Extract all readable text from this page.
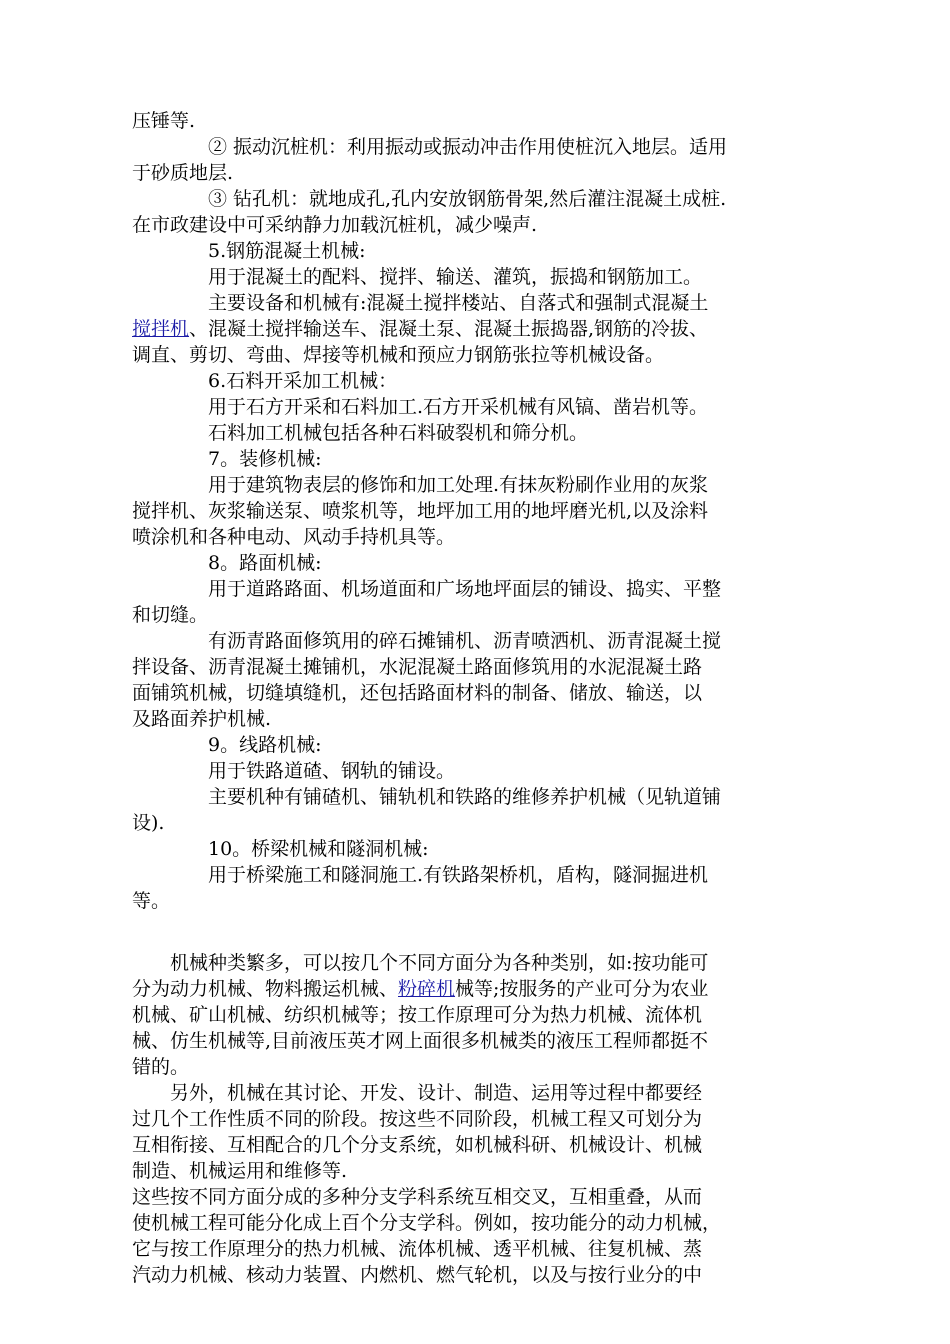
压锤等.
② 振动沉桩机：利用振动或振动冲击作用使桩沉入地层。适用
于砂质地层.
③ 钻孔机：就地成孔,孔内安放钢筋骨架,然后灌注混凝土成桩.
在市政建设中可采纳静力加载沉桩机，减少噪声.
5.钢筋混凝土机械:
用于混凝土的配料、搅拌、输送、灌筑，振捣和钢筋加工。
主要设备和机械有:混凝土搅拌楼站、自落式和强制式混凝土
搅拌机、混凝土搅拌输送车、混凝土泵、混凝土振捣器,钢筋的冷拔、
调直、剪切、弯曲、焊接等机械和预应力钢筋张拉等机械设备。
6.石料开采加工机械：
用于石方开采和石料加工.石方开采机械有风镐、凿岩机等。
石料加工机械包括各种石料破裂机和筛分机。
7。装修机械:
用于建筑物表层的修饰和加工处理.有抹灰粉刷作业用的灰浆
搅拌机、灰浆输送泵、喷浆机等，地坪加工用的地坪磨光机,以及涂料
喷涂机和各种电动、风动手持机具等。
8。路面机械:
用于道路路面、机场道面和广场地坪面层的铺设、捣实、平整
和切缝。
有沥青路面修筑用的碎石摊铺机、沥青喷洒机、沥青混凝土搅
拌设备、沥青混凝土摊铺机，水泥混凝土路面修筑用的水泥混凝土路
面铺筑机械，切缝填缝机，还包括路面材料的制备、储放、输送，以
及路面养护机械.
9。线路机械:
用于铁路道碴、钢轨的铺设。
主要机种有铺碴机、铺轨机和铁路的维修养护机械（见轨道铺
设).
10。桥梁机械和隧洞机械:
用于桥梁施工和隧洞施工.有铁路架桥机，盾构，隧洞掘进机
等。
机械种类繁多，可以按几个不同方面分为各种类别，如:按功能可
分为动力机械、物料搬运机械、粉碎机械等;按服务的产业可分为农业
机械、矿山机械、纺织机械等；按工作原理可分为热力机械、流体机
械、仿生机械等,目前液压英才网上面很多机械类的液压工程师都挺不
错的。
另外，机械在其讨论、开发、设计、制造、运用等过程中都要经
过几个工作性质不同的阶段。按这些不同阶段，机械工程又可划分为
互相衔接、互相配合的几个分支系统，如机械科研、机械设计、机械
制造、机械运用和维修等.
这些按不同方面分成的多种分支学科系统互相交叉，互相重叠，从而
使机械工程可能分化成上百个分支学科。例如，按功能分的动力机械，
它与按工作原理分的热力机械、流体机械、透平机械、往复机械、蒸
汽动力机械、核动力装置、内燃机、燃气轮机，以及与按行业分的中
